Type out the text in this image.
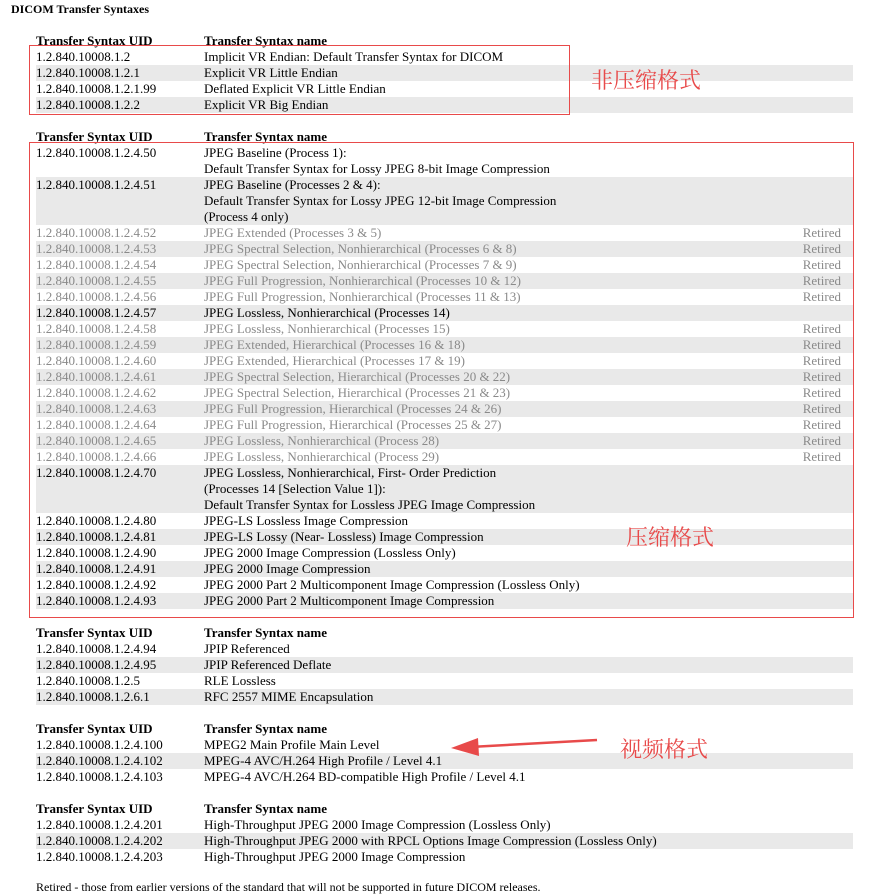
DICOM Transfer Syntaxes
Transfer Syntax UID	Transfer Syntax name
1.2.840.10008.1.2	Implicit VR Endian: Default Transfer Syntax for DICOM
1.2.840.10008.1.2.1	Explicit VR Little Endian
1.2.840.10008.1.2.1.99	Deflated Explicit VR Little Endian
1.2.840.10008.1.2.2	Explicit VR Big Endian
Transfer Syntax UID	Transfer Syntax name
1.2.840.10008.1.2.4.50	JPEG Baseline (Process 1):
Default Transfer Syntax for Lossy JPEG 8-bit Image Compression
1.2.840.10008.1.2.4.51	JPEG Baseline (Processes 2 & 4):
Default Transfer Syntax for Lossy JPEG 12-bit Image Compression
(Process 4 only)
1.2.840.10008.1.2.4.52	JPEG Extended (Processes 3 & 5)	Retired
1.2.840.10008.1.2.4.53	JPEG Spectral Selection, Nonhierarchical (Processes 6 & 8)	Retired
1.2.840.10008.1.2.4.54	JPEG Spectral Selection, Nonhierarchical (Processes 7 & 9)	Retired
1.2.840.10008.1.2.4.55	JPEG Full Progression, Nonhierarchical (Processes 10 & 12)	Retired
1.2.840.10008.1.2.4.56	JPEG Full Progression, Nonhierarchical (Processes 11 & 13)	Retired
1.2.840.10008.1.2.4.57	JPEG Lossless, Nonhierarchical (Processes 14)
1.2.840.10008.1.2.4.58	JPEG Lossless, Nonhierarchical (Processes 15)	Retired
1.2.840.10008.1.2.4.59	JPEG Extended, Hierarchical (Processes 16 & 18)	Retired
1.2.840.10008.1.2.4.60	JPEG Extended, Hierarchical (Processes 17 & 19)	Retired
1.2.840.10008.1.2.4.61	JPEG Spectral Selection, Hierarchical (Processes 20 & 22)	Retired
1.2.840.10008.1.2.4.62	JPEG Spectral Selection, Hierarchical (Processes 21 & 23)	Retired
1.2.840.10008.1.2.4.63	JPEG Full Progression, Hierarchical (Processes 24 & 26)	Retired
1.2.840.10008.1.2.4.64	JPEG Full Progression, Hierarchical (Processes 25 & 27)	Retired
1.2.840.10008.1.2.4.65	JPEG Lossless, Nonhierarchical (Process 28)	Retired
1.2.840.10008.1.2.4.66	JPEG Lossless, Nonhierarchical (Process 29)	Retired
1.2.840.10008.1.2.4.70	JPEG Lossless, Nonhierarchical, First- Order Prediction
(Processes 14 [Selection Value 1]):
Default Transfer Syntax for Lossless JPEG Image Compression
1.2.840.10008.1.2.4.80	JPEG-LS Lossless Image Compression
1.2.840.10008.1.2.4.81	JPEG-LS Lossy (Near- Lossless) Image Compression
1.2.840.10008.1.2.4.90	JPEG 2000 Image Compression (Lossless Only)
1.2.840.10008.1.2.4.91	JPEG 2000 Image Compression
1.2.840.10008.1.2.4.92	JPEG 2000 Part 2 Multicomponent Image Compression (Lossless Only)
1.2.840.10008.1.2.4.93	JPEG 2000 Part 2 Multicomponent Image Compression
Transfer Syntax UID	Transfer Syntax name
1.2.840.10008.1.2.4.94	JPIP Referenced
1.2.840.10008.1.2.4.95	JPIP Referenced Deflate
1.2.840.10008.1.2.5	RLE Lossless
1.2.840.10008.1.2.6.1	RFC 2557 MIME Encapsulation
Transfer Syntax UID	Transfer Syntax name
1.2.840.10008.1.2.4.100	MPEG2 Main Profile Main Level
1.2.840.10008.1.2.4.102	MPEG-4 AVC/H.264 High Profile / Level 4.1
1.2.840.10008.1.2.4.103	MPEG-4 AVC/H.264 BD-compatible High Profile / Level 4.1
Transfer Syntax UID	Transfer Syntax name
1.2.840.10008.1.2.4.201	High-Throughput JPEG 2000 Image Compression (Lossless Only)
1.2.840.10008.1.2.4.202	High-Throughput JPEG 2000 with RPCL Options Image Compression (Lossless Only)
1.2.840.10008.1.2.4.203	High-Throughput JPEG 2000 Image Compression
非压缩格式
压缩格式
视频格式
Retired - those from earlier versions of the standard that will not be supported in future DICOM releases.
